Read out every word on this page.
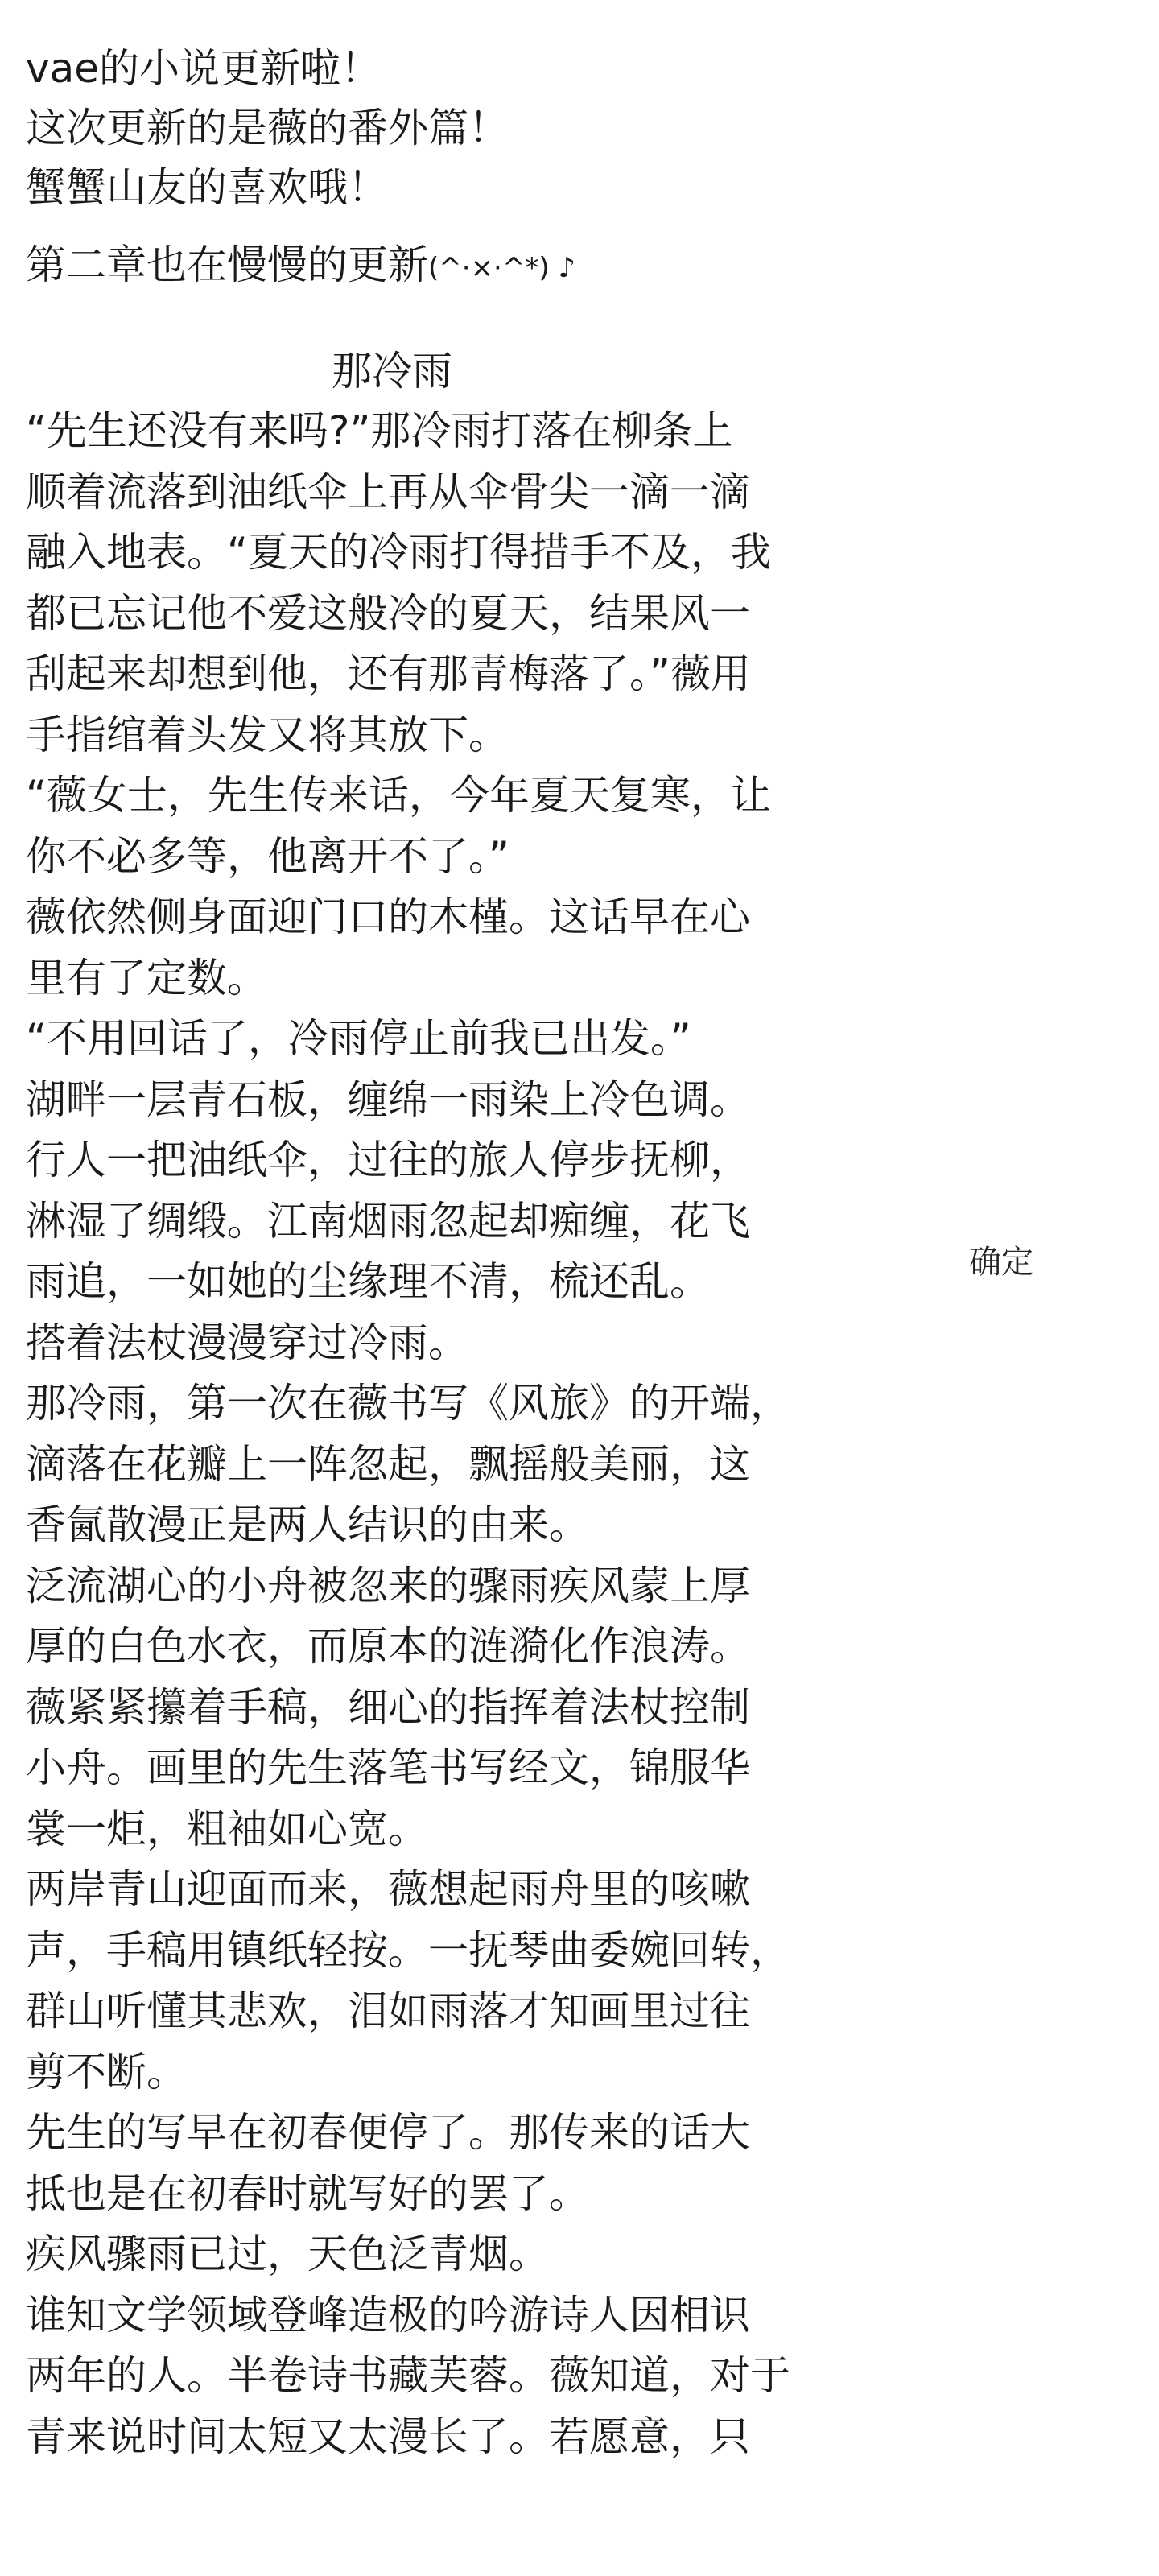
vae的小说更新啦！

这次更新的是薇的番外篇！

蟹蟹山友的喜欢哦！

第二章也在慢慢的更新(^·×·^*) ♪

那冷雨

“先生还没有来吗?”那冷雨打落在柳条上

顺着流落到油纸伞上再从伞骨尖一滴一滴

融入地表。“夏天的冷雨打得措手不及，我

都已忘记他不爱这般冷的夏天，结果风一

刮起来却想到他，还有那青梅落了。”薇用

手指绾着头发又将其放下。

“薇女士，先生传来话，今年夏天复寒，让

你不必多等，他离开不了。”

薇依然侧身面迎门口的木槿。这话早在心

里有了定数。

“不用回话了，冷雨停止前我已出发。”

湖畔一层青石板，缠绵一雨染上冷色调。

行人一把油纸伞，过往的旅人停步抚柳，

淋湿了绸缎。江南烟雨忽起却痴缠，花飞

雨追，一如她的尘缘理不清，梳还乱。

搭着法杖漫漫穿过冷雨。

那冷雨，第一次在薇书写《风旅》的开端，

滴落在花瓣上一阵忽起，飘摇般美丽，这

香氤散漫正是两人结识的由来。

泛流湖心的小舟被忽来的骤雨疾风蒙上厚

厚的白色水衣，而原本的涟漪化作浪涛。

薇紧紧攥着手稿，细心的指挥着法杖控制

小舟。画里的先生落笔书写经文，锦服华

裳一炬，粗袖如心宽。

两岸青山迎面而来，薇想起雨舟里的咳嗽

声，手稿用镇纸轻按。一抚琴曲委婉回转，

群山听懂其悲欢，泪如雨落才知画里过往

剪不断。

先生的写早在初春便停了。那传来的话大

抵也是在初春时就写好的罢了。

疾风骤雨已过，天色泛青烟。

谁知文学领域登峰造极的吟游诗人因相识

两年的人。半卷诗书藏芙蓉。薇知道，对于

青来说时间太短又太漫长了。若愿意，只

确定
